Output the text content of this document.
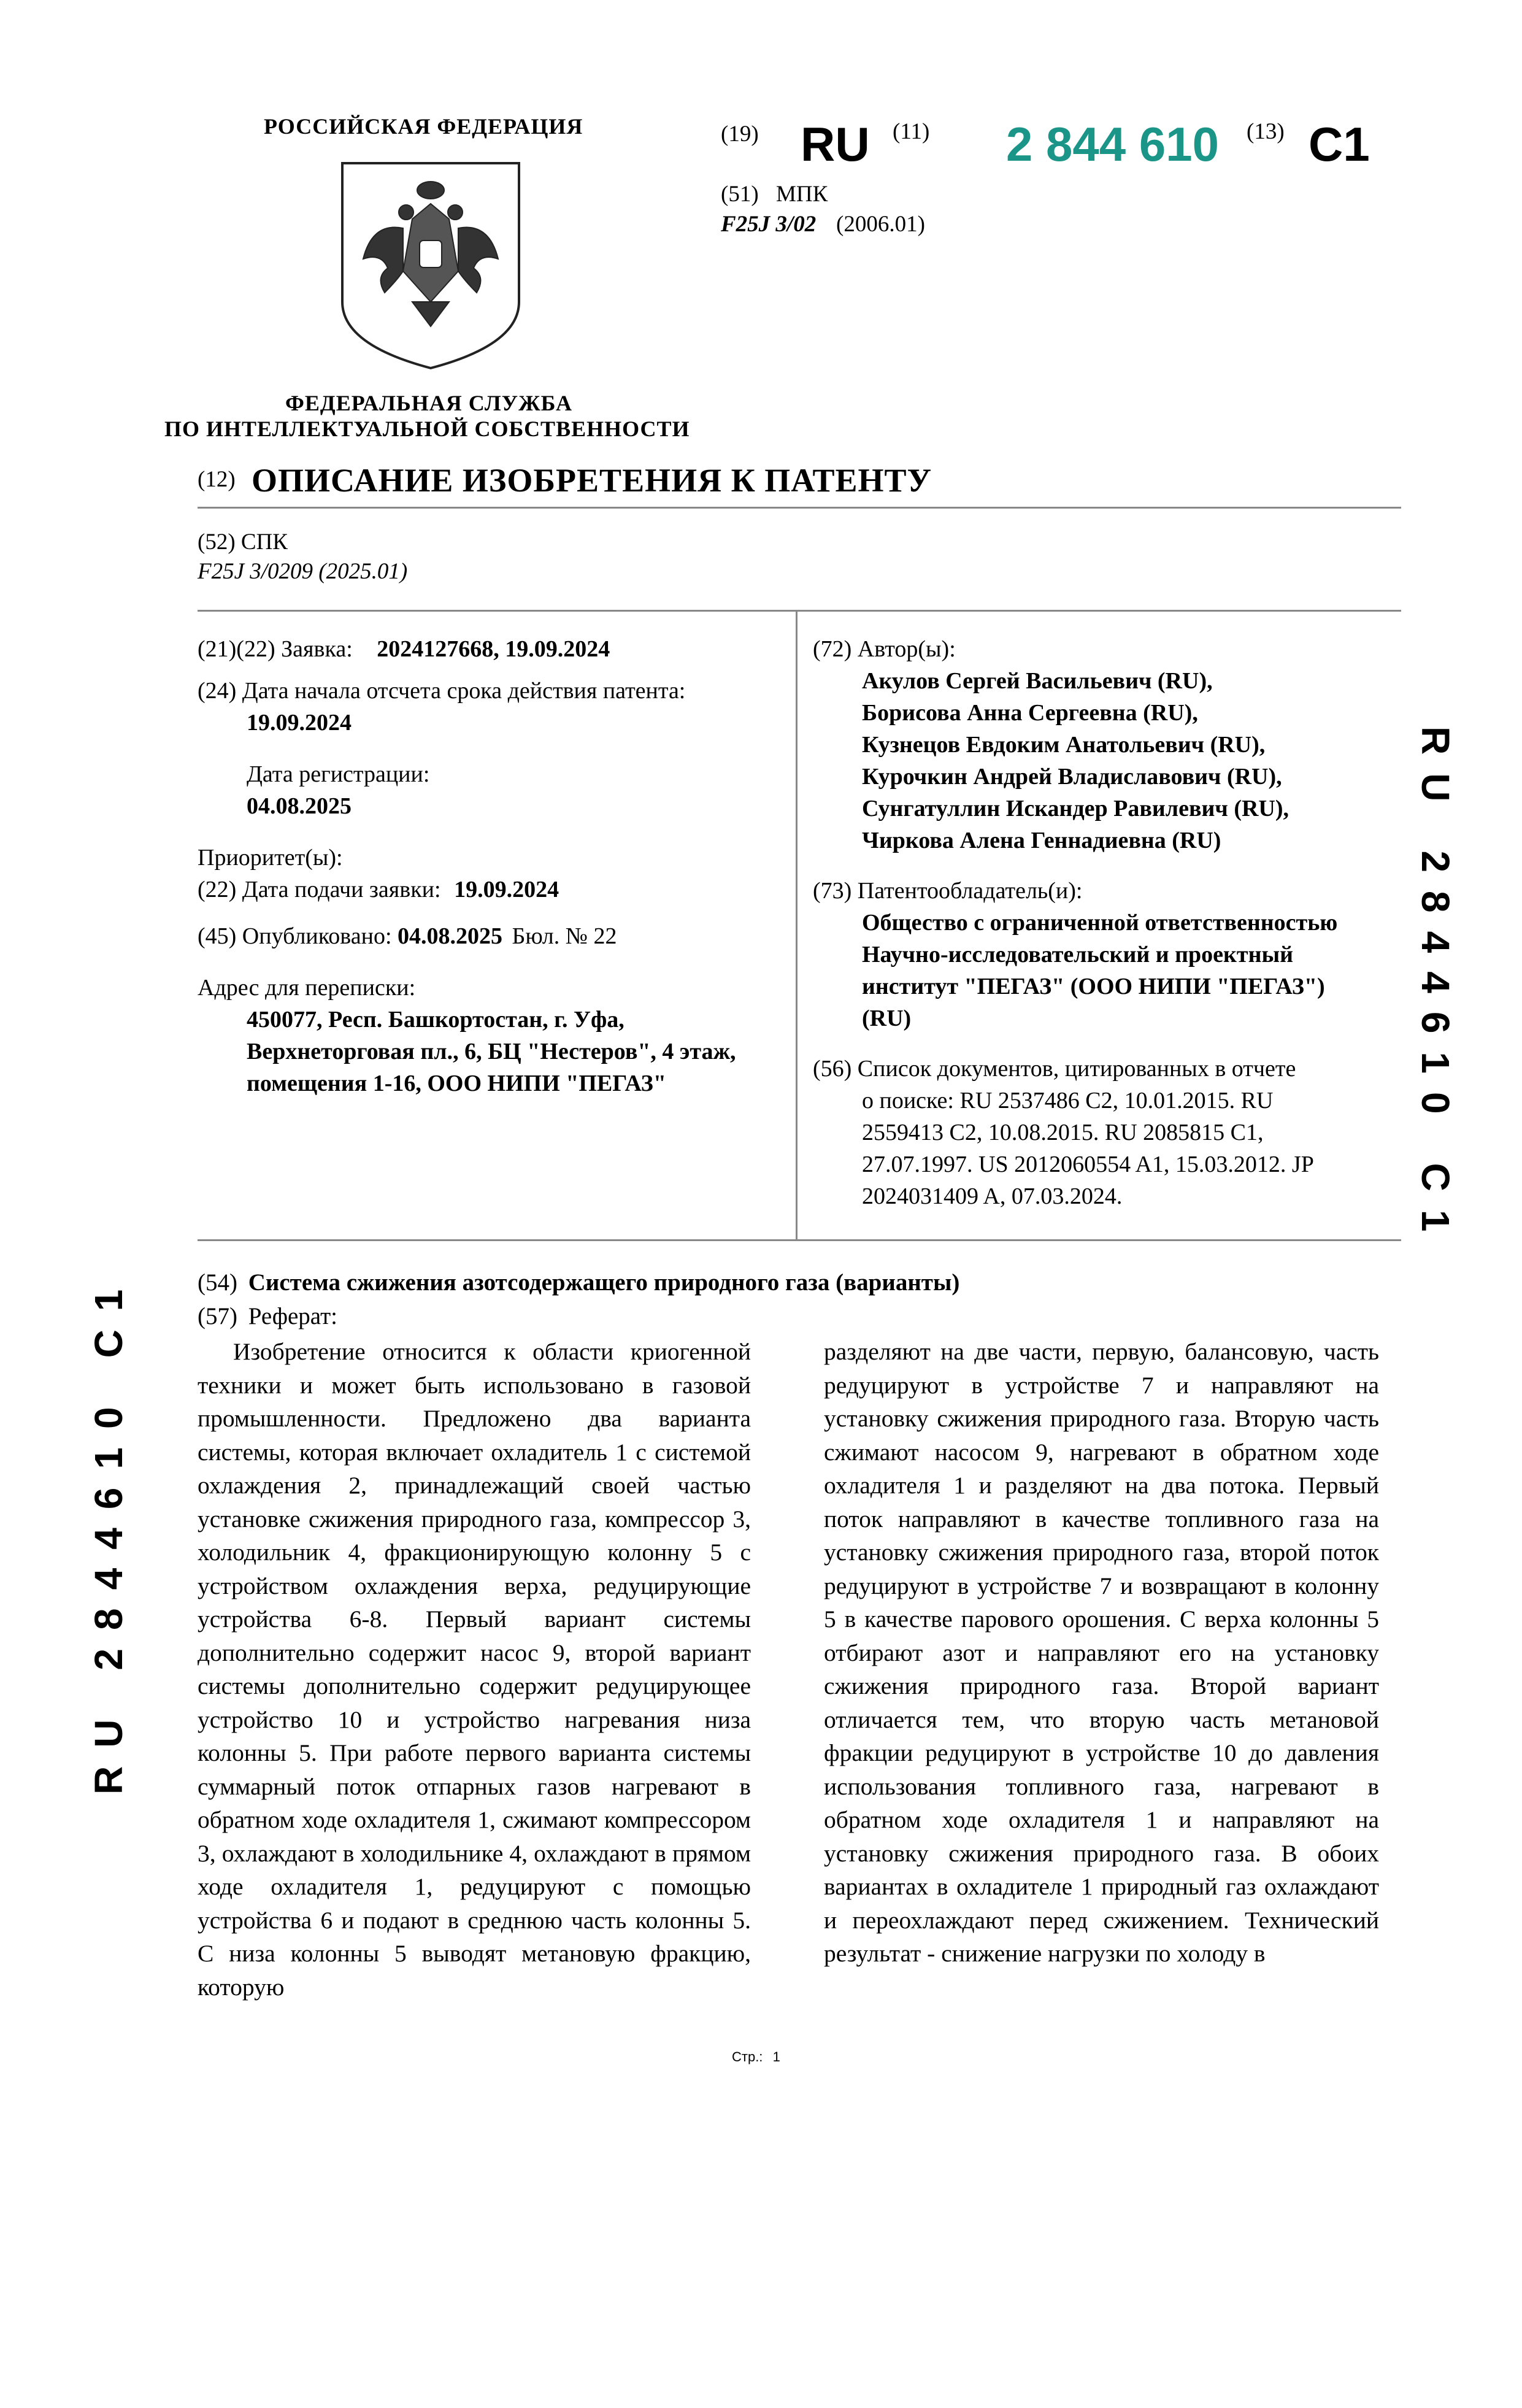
РОССИЙСКАЯ ФЕДЕРАЦИЯ
ФЕДЕРАЛЬНАЯ СЛУЖБА
ПО ИНТЕЛЛЕКТУАЛЬНОЙ СОБСТВЕННОСТИ
(19) RU (11) 2 844 610 (13) C1
(51) МПК
F25J 3/02 (2006.01)
(12) ОПИСАНИЕ ИЗОБРЕТЕНИЯ К ПАТЕНТУ
(52) СПК
F25J 3/0209 (2025.01)
(21)(22) Заявка: 2024127668, 19.09.2024
(24) Дата начала отсчета срока действия патента:
19.09.2024
Дата регистрации:
04.08.2025
Приоритет(ы):
(22) Дата подачи заявки: 19.09.2024
(45) Опубликовано: 04.08.2025 Бюл. № 22
Адрес для переписки:
450077, Респ. Башкортостан, г. Уфа,
Верхнеторговая пл., 6, БЦ "Нестеров", 4 этаж,
помещения 1-16, ООО НИПИ "ПЕГАЗ"
(72) Автор(ы):
Акулов Сергей Васильевич (RU),
Борисова Анна Сергеевна (RU),
Кузнецов Евдоким Анатольевич (RU),
Курочкин Андрей Владиславович (RU),
Сунгатуллин Искандер Равилевич (RU),
Чиркова Алена Геннадиевна (RU)
(73) Патентообладатель(и):
Общество с ограниченной ответственностью
Научно-исследовательский и проектный
институт "ПЕГАЗ" (ООО НИПИ "ПЕГАЗ")
(RU)
(56) Список документов, цитированных в отчете
о поиске: RU 2537486 C2, 10.01.2015. RU
2559413 C2, 10.08.2015. RU 2085815 C1,
27.07.1997. US 2012060554 A1, 15.03.2012. JP
2024031409 A, 07.03.2024.
(54) Система сжижения азотсодержащего природного газа (варианты)
(57) Реферат:

Изобретение относится к области криогенной техники и может быть использовано в газовой промышленности. Предложено два варианта системы, которая включает охладитель 1 с системой охлаждения 2, принадлежащий своей частью установке сжижения природного газа, компрессор 3, холодильник 4, фракционирующую колонну 5 с устройством охлаждения верха, редуцирующие устройства 6-8. Первый вариант системы дополнительно содержит насос 9, второй вариант системы дополнительно содержит редуцирующее устройство 10 и устройство нагревания низа колонны 5. При работе первого варианта системы суммарный поток отпарных газов нагревают в обратном ходе охладителя 1, сжимают компрессором 3, охлаждают в холодильнике 4, охлаждают в прямом ходе охладителя 1, редуцируют с помощью устройства 6 и подают в среднюю часть колонны 5. С низа колонны 5 выводят метановую фракцию, которую

разделяют на две части, первую, балансовую, часть редуцируют в устройстве 7 и направляют на установку сжижения природного газа. Вторую часть сжимают насосом 9, нагревают в обратном ходе охладителя 1 и разделяют на два потока. Первый поток направляют в качестве топливного газа на установку сжижения природного газа, второй поток редуцируют в устройстве 7 и возвращают в колонну 5 в качестве парового орошения. С верха колонны 5 отбирают азот и направляют его на установку сжижения природного газа. Второй вариант отличается тем, что вторую часть метановой фракции редуцируют в устройстве 10 до давления использования топливного газа, нагревают в обратном ходе охладителя 1 и направляют на установку сжижения природного газа. В обоих вариантах в охладителе 1 природный газ охлаждают и переохлаждают перед сжижением. Технический результат - снижение нагрузки по холоду в

RU2844610C1
RU2844610C1
Стр.: 1
